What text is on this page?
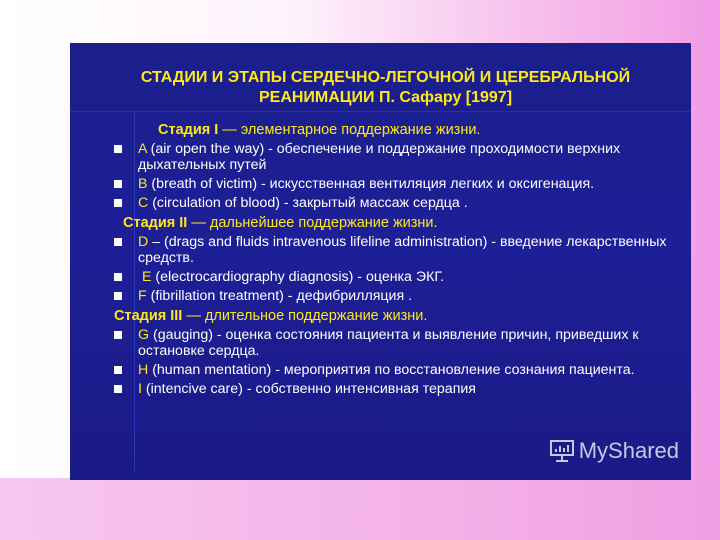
СТАДИИ И ЭТАПЫ СЕРДЕЧНО-ЛЕГОЧНОЙ И ЦЕРЕБРАЛЬНОЙ
РЕАНИМАЦИИ П. Сафару [1997]
Стадия I — элементарное поддержание жизни.
A (air open the way) - обеспечение и поддержание проходимости верхних дыхательных путей
B (breath of victim) - искусственная вентиляция легких и оксигенация.
C (circulation of blood) - закрытый массаж сердца .
Стадия II — дальнейшее поддержание жизни.
D – (drags and fluids intravenous lifeline administration) - введение лекарственных средств.
E (electrocardiography diagnosis) - оценка ЭКГ.
F (fibrillation treatment) - дефибрилляция .
Стадия III — длительное поддержание жизни.
G (gauging) - оценка состояния пациента и выявление причин, приведших к остановке сердца.
H (human mentation) - мероприятия по восстановление сознания пациента.
I (intencive care) - собственно интенсивная терапия
MyShared
